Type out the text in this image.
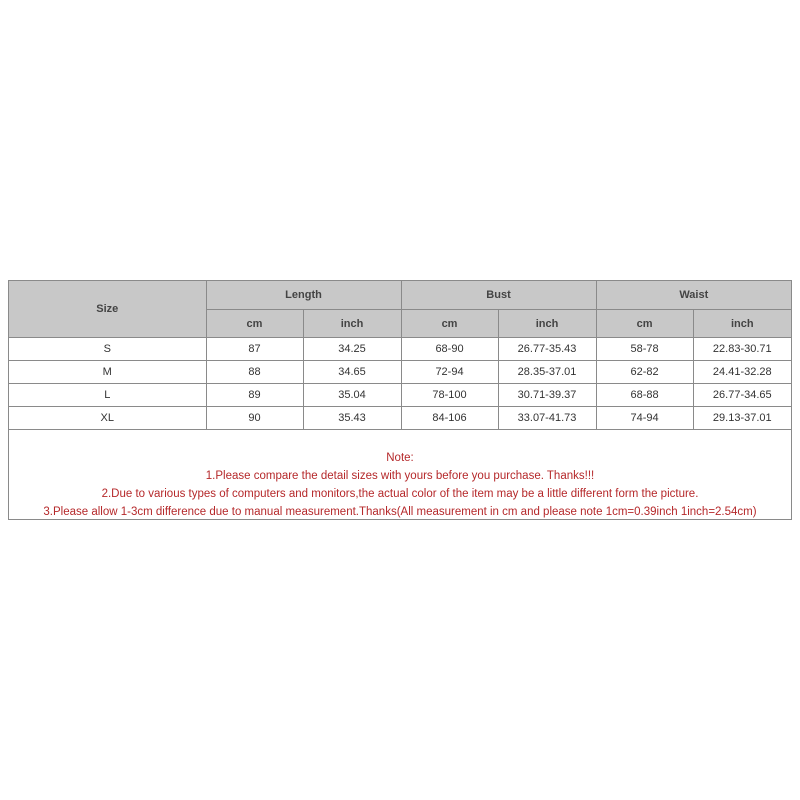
Size	Length		Bust		Waist	
	cm	inch	cm	inch	cm	inch
S	87	34.25	68-90	26.77-35.43	58-78	22.83-30.71
M	88	34.65	72-94	28.35-37.01	62-82	24.41-32.28
L	89	35.04	78-100	30.71-39.37	68-88	26.77-34.65
XL	90	35.43	84-106	33.07-41.73	74-94	29.13-37.01
Note:
1.Please compare the detail sizes with yours before you purchase. Thanks!!!
2.Due to various types of computers and monitors,the actual color of the item may be a little different form the picture.
3.Please allow 1-3cm difference due to manual measurement.Thanks(All measurement in cm and please note 1cm=0.39inch 1inch=2.54cm)
